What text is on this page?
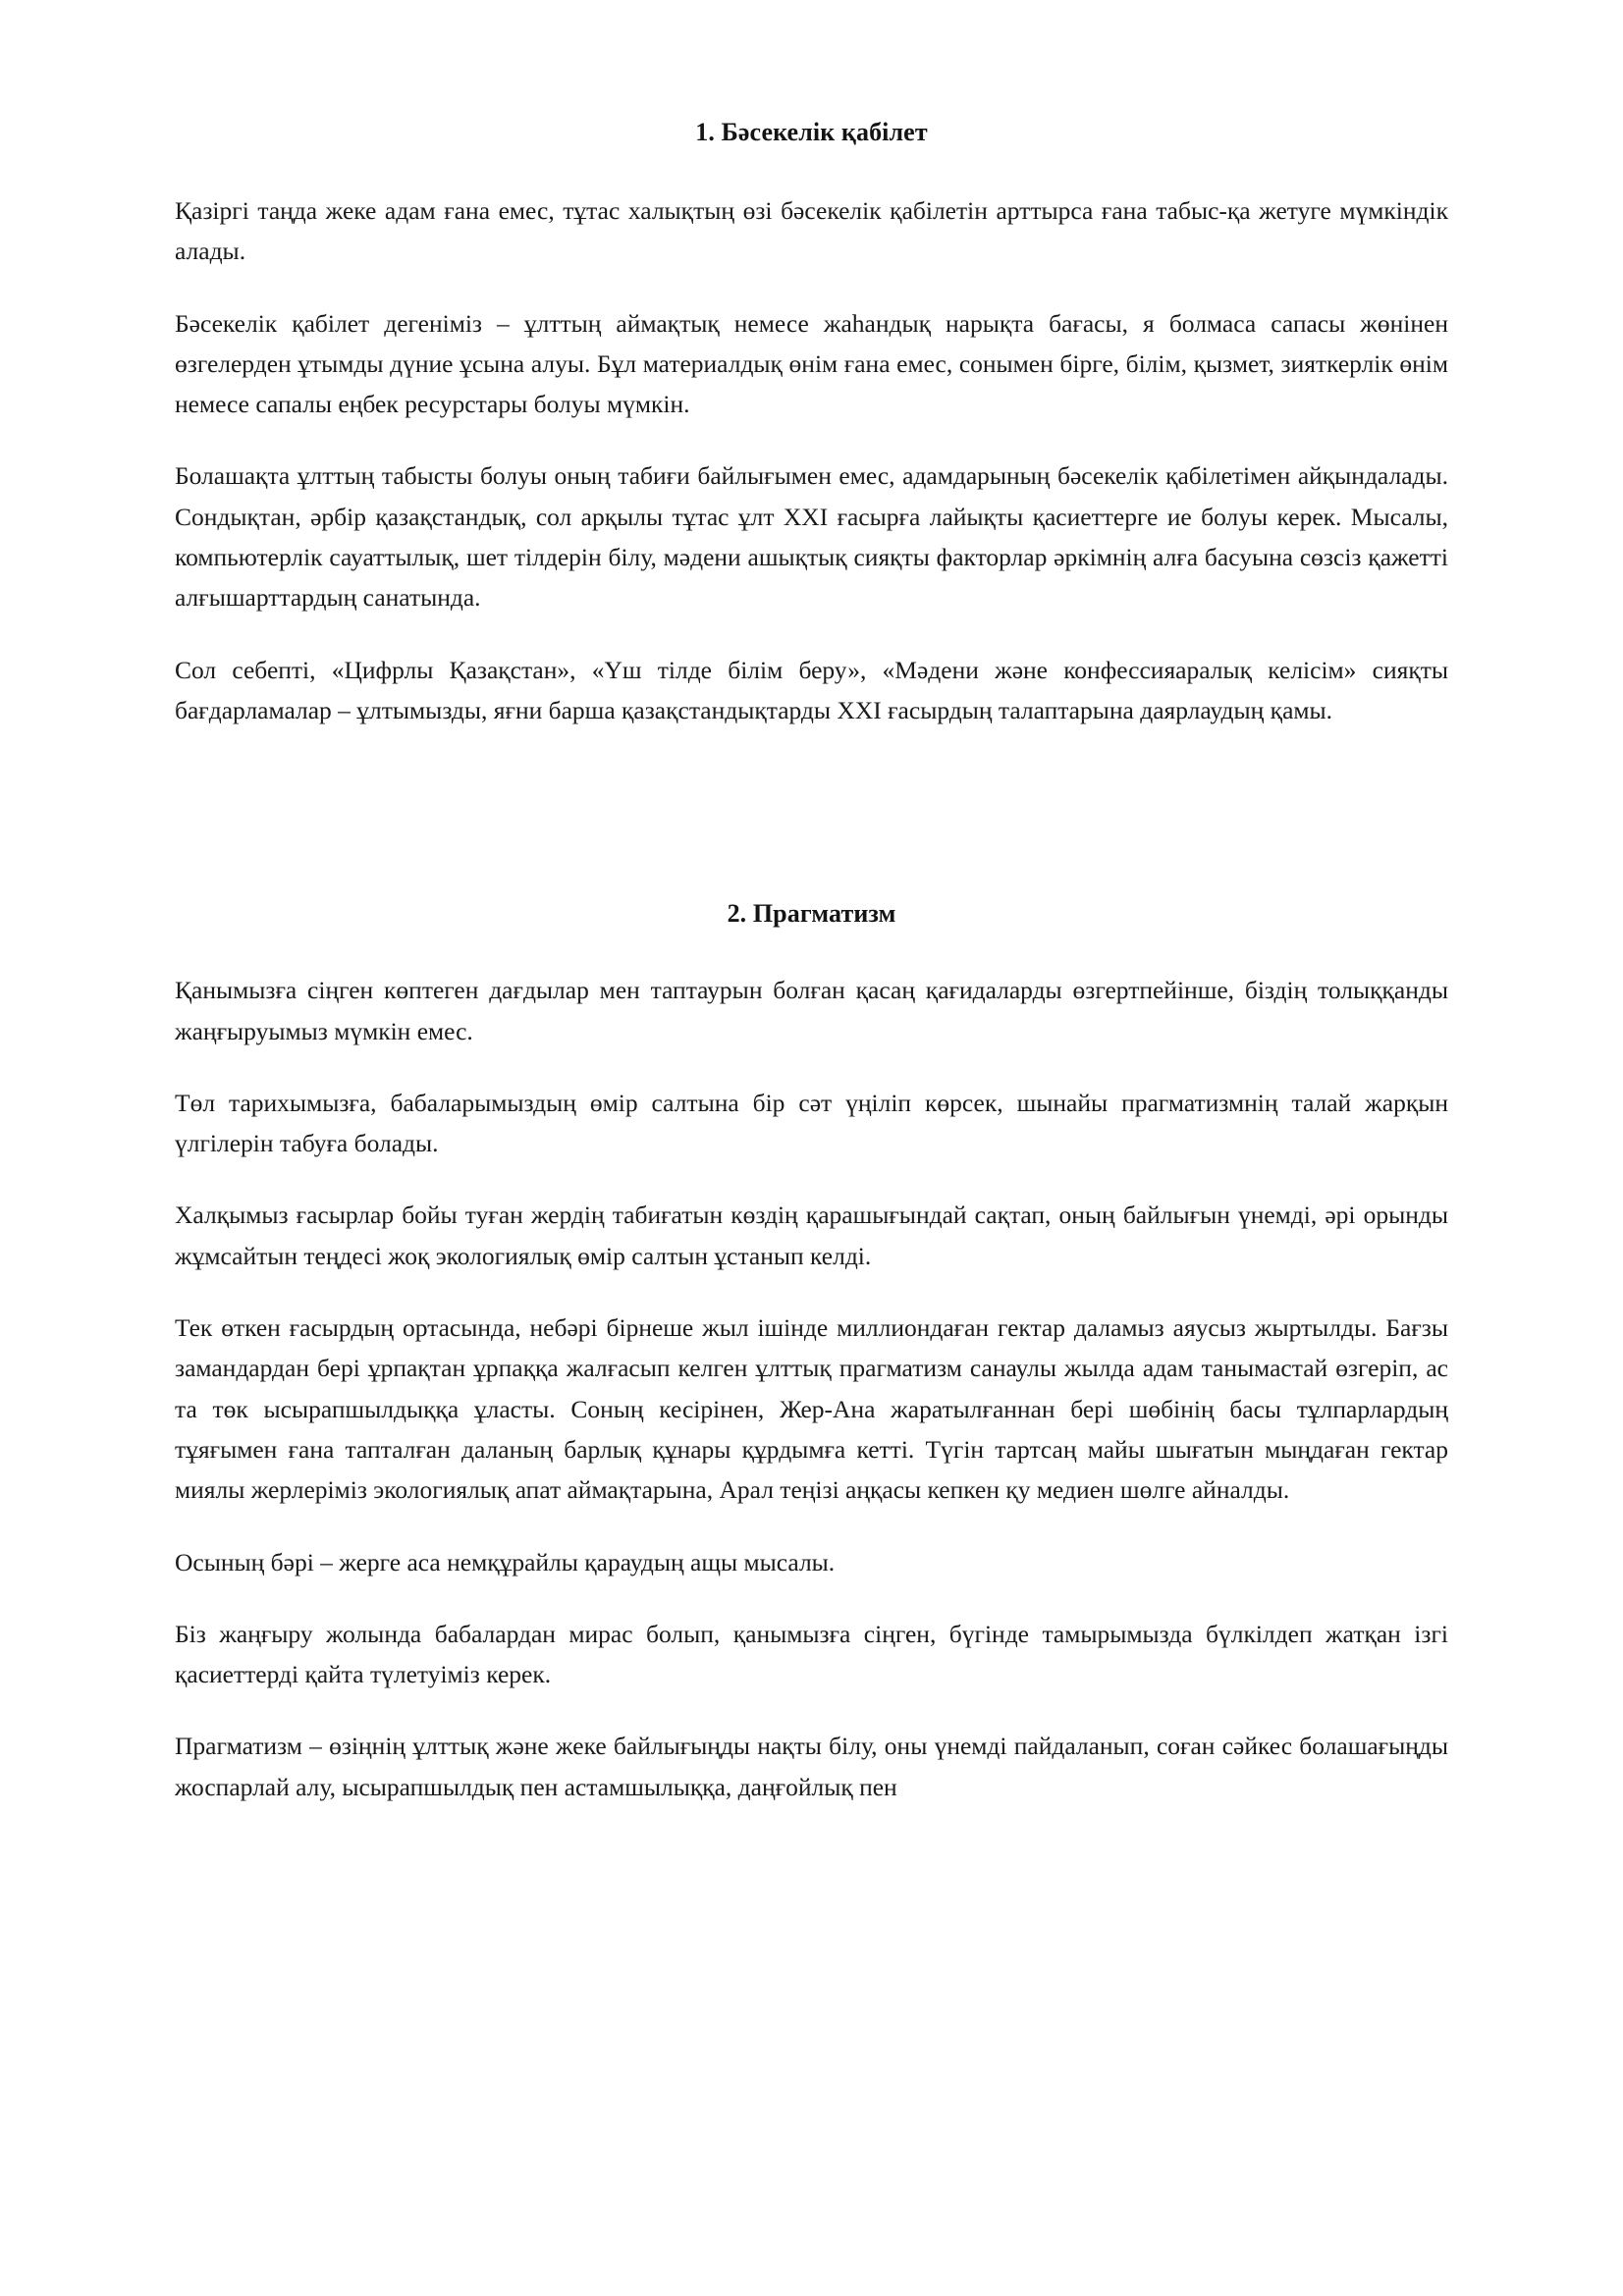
1. Бәсекелік қабілет

Қазіргі таңда жеке адам ғана емес, тұтас халықтың өзі бәсекелік қабілетін арттырса ғана табыс-қа жетуге мүмкіндік алады.

Бәсекелік қабілет дегеніміз – ұлттың аймақтық немесе жаһандық нарықта бағасы, я болмаса сапасы жөнінен өзгелерден ұтымды дүние ұсына алуы. Бұл материалдық өнім ғана емес, сонымен бірге, білім, қызмет, зияткерлік өнім немесе сапалы еңбек ресурстары болуы мүмкін.

Болашақта ұлттың табысты болуы оның табиғи байлығымен емес, адамдарының бәсекелік қабілетімен айқындалады. Сондықтан, әрбір қазақстандық, сол арқылы тұтас ұлт XXI ғасырға лайықты қасиеттерге ие болуы керек. Мысалы, компьютерлік сауаттылық, шет тілдерін білу, мәдени ашықтық сияқты факторлар әркімнің алға басуына сөзсіз қажетті алғышарттардың санатында.

Сол себепті, «Цифрлы Қазақстан», «Үш тілде білім беру», «Мәдени және конфессияаралық келісім» сияқты бағдарламалар – ұлтымызды, яғни барша қазақстандықтарды XXI ғасырдың талаптарына даярлаудың қамы.

2. Прагматизм

Қанымызға сіңген көптеген дағдылар мен таптаурын болған қасаң қағидаларды өзгертпейінше, біздің толыққанды жаңғыруымыз мүмкін емес.

Төл тарихымызға, бабаларымыздың өмір салтына бір сәт үңіліп көрсек, шынайы прагматизмнің талай жарқын үлгілерін табуға болады.

Халқымыз ғасырлар бойы туған жердің табиғатын көздің қарашығындай сақтап, оның байлығын үнемді, әрі орынды жұмсайтын теңдесі жоқ экологиялық өмір салтын ұстанып келді.

Тек өткен ғасырдың ортасында, небәрі бірнеше жыл ішінде миллиондаған гектар даламыз аяусыз жыртылды. Бағзы замандардан бері ұрпақтан ұрпаққа жалғасып келген ұлттық прагматизм санаулы жылда адам танымастай өзгеріп, ас та төк ысырапшылдыққа ұласты. Соның кесірінен, Жер-Ана жаратылғаннан бері шөбінің басы тұлпарлардың тұяғымен ғана тапталған даланың барлық құнары құрдымға кетті. Түгін тартсаң майы шығатын мыңдаған гектар миялы жерлеріміз экологиялық апат аймақтарына, Арал теңізі аңқасы кепкен қу медиен шөлге айналды.

Осының бәрі – жерге аса немқұрайлы қараудың ащы мысалы.

Біз жаңғыру жолында бабалардан мирас болып, қанымызға сіңген, бүгінде тамырымызда бүлкілдеп жатқан ізгі қасиеттерді қайта түлетуіміз керек.

Прагматизм – өзіңнің ұлттық және жеке байлығыңды нақты білу, оны үнемді пайдаланып, соған сәйкес болашағыңды жоспарлай алу, ысырапшылдық пен астамшылыққа, даңғойлық пен
